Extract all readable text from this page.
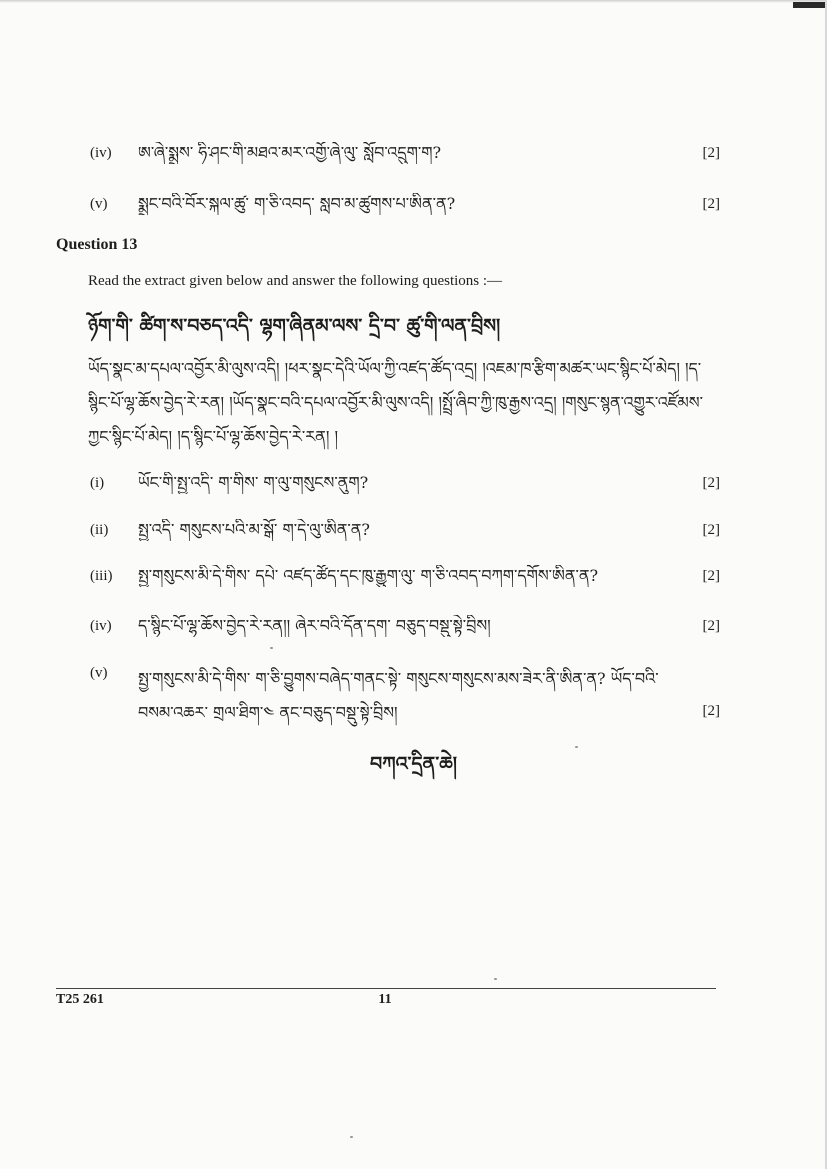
(iv) ཨ་ཞེ་སྨྲས་ ཧི་ཤང་གི་མཐའ་མར་འགྱོ་ཞེ་ལུ་ སློབ་འདྲུག་ག?	[2]
(v) སྨྲང་བའི་བོར་སྐལ་ཚུ་ ག་ཅི་འབད་ སླབ་མ་ཚུགས་པ་ཨིན་ན?	[2]
Question 13
Read the extract given below and answer the following questions :—
ཉོག་གི་ ཚིག་ས་བཅད་འདི་ ལྷག་ཞིནམ་ལས་ དྲི་བ་ ཚུ་གི་ལན་བྲིས།
ཡོད་སྣང་མ་དཔལ་འབྱོར་མི་ལུས་འདི། །ཕར་སྣང་དེའི་ཡོལ་ཀྱི་འཛད་ཚོད་འདྲ། །འཇམ་ཁ་རྩིག་མཚར་ཡང་སྙིང་པོ་མེད། །ད་སྙིང་པོ་ལྷ་ཆོས་བྱེད་རེ་རན། །ཡོད་སྣང་བའི་དཔལ་འབྱོར་མི་ལུས་འདི། །སྤྲོ་ཞིབ་ཀྱི་ཁུ་རྒྱས་འདྲ། །གསུང་སྙན་འགྱུར་འཛོམས་ཀྱང་སྙིང་པོ་མེད། །ད་སྙིང་པོ་ལྷ་ཆོས་བྱེད་རེ་རན། །
(i) ཡོང་གི་སྤྱ་འདི་ ག་གིས་ ག་ལུ་གསུངས་ནུག?	[2]
(ii) སྤྱ་འདི་ གསུངས་པའི་མ་སྒོ་ ག་དེ་ལུ་ཨིན་ན?	[2]
(iii) སྤྱ་གསུངས་མི་དེ་གིས་ དཔེ་ འཛད་ཚོད་དང་ཁུ་རྒྱུག་ལུ་ ག་ཅི་འབད་བཀག་དགོས་ཨིན་ན?	[2]
(iv) ད་སྙིང་པོ་ལྷ་ཆོས་བྱེད་རེ་རན།། ཞེར་བའི་དོན་དག་ བཅུད་བསྡུ་སྟེ་བྲིས།	[2]
(v) སྤྱ་གསུངས་མི་དེ་གིས་ ག་ཅི་བྱུགས་བཞེད་གནང་སྟེ་ གསུངས་གསུངས་མས་ཟེར་ནི་ཨིན་ན? ཡོད་བའི་ བསམ་འཆར་ གྲལ་ཐིག་༤ ནང་བཅུད་བསྡུ་སྟེ་བྲིས།	[2]
བཀའ་དྲིན་ཆེ།
T25 261	11
